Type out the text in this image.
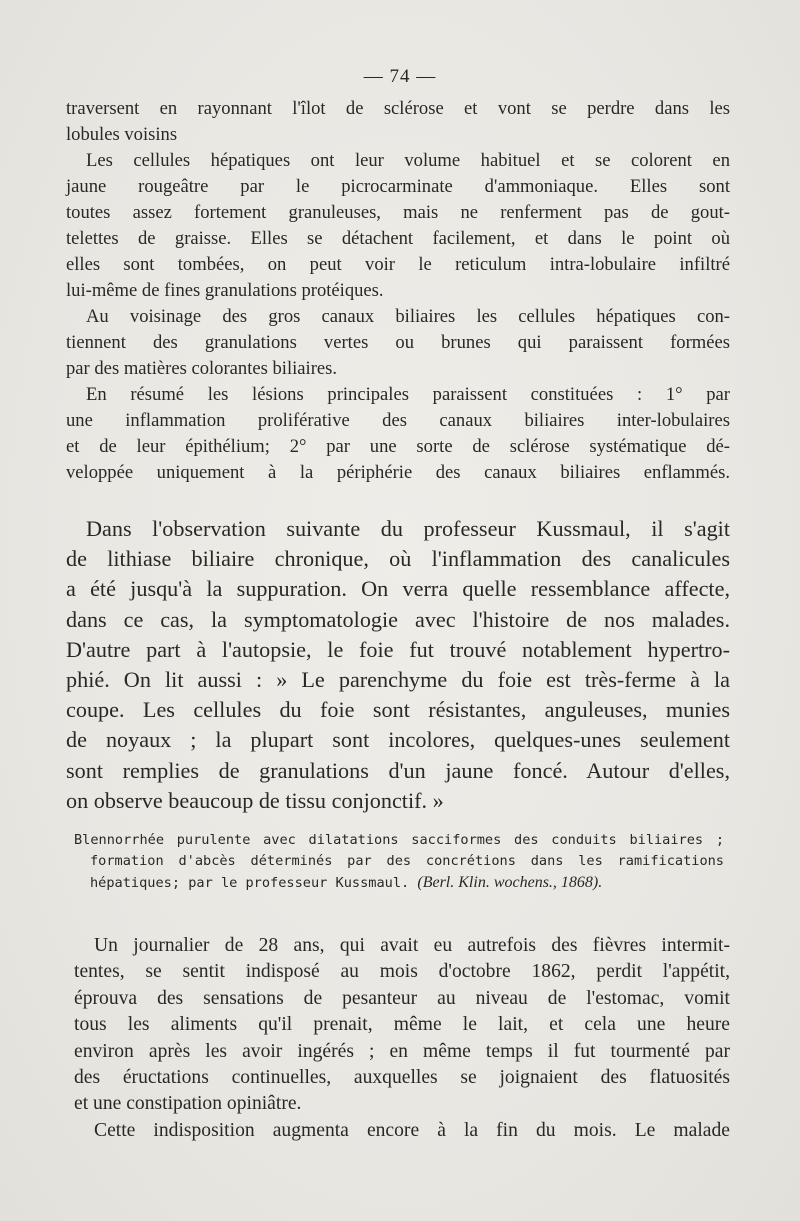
— 74 —
traversent en rayonnant l'îlot de sclérose et vont se perdre dans les
lobules voisins
Les cellules hépatiques ont leur volume habituel et se colorent en
jaune rougeâtre par le picrocarminate d'ammoniaque. Elles sont
toutes assez fortement granuleuses, mais ne renferment pas de gout-
telettes de graisse. Elles se détachent facilement, et dans le point où
elles sont tombées, on peut voir le reticulum intra-lobulaire infiltré
lui-même de fines granulations protéiques.
Au voisinage des gros canaux biliaires les cellules hépatiques con-
tiennent des granulations vertes ou brunes qui paraissent formées
par des matières colorantes biliaires.
En résumé les lésions principales paraissent constituées : 1° par
une inflammation proliférative des canaux biliaires inter-lobulaires
et de leur épithélium; 2° par une sorte de sclérose systématique dé-
veloppée uniquement à la périphérie des canaux biliaires enflammés.
Dans l'observation suivante du professeur Kussmaul, il s'agit
de lithiase biliaire chronique, où l'inflammation des canalicules
a été jusqu'à la suppuration. On verra quelle ressemblance affecte,
dans ce cas, la symptomatologie avec l'histoire de nos malades.
D'autre part à l'autopsie, le foie fut trouvé notablement hypertro-
phié. On lit aussi : » Le parenchyme du foie est très-ferme à la
coupe. Les cellules du foie sont résistantes, anguleuses, munies
de noyaux ; la plupart sont incolores, quelques-unes seulement
sont remplies de granulations d'un jaune foncé. Autour d'elles,
on observe beaucoup de tissu conjonctif. »
Blennorrhée purulente avec dilatations sacciformes des conduits biliaires ;
formation d'abcès déterminés par des concrétions dans les ramifications
hépatiques; par le professeur Kussmaul. (Berl. Klin. wochens., 1868).
Un journalier de 28 ans, qui avait eu autrefois des fièvres intermit-
tentes, se sentit indisposé au mois d'octobre 1862, perdit l'appétit,
éprouva des sensations de pesanteur au niveau de l'estomac, vomit
tous les aliments qu'il prenait, même le lait, et cela une heure
environ après les avoir ingérés ; en même temps il fut tourmenté par
des éructations continuelles, auxquelles se joignaient des flatuosités
et une constipation opiniâtre.
Cette indisposition augmenta encore à la fin du mois. Le malade
